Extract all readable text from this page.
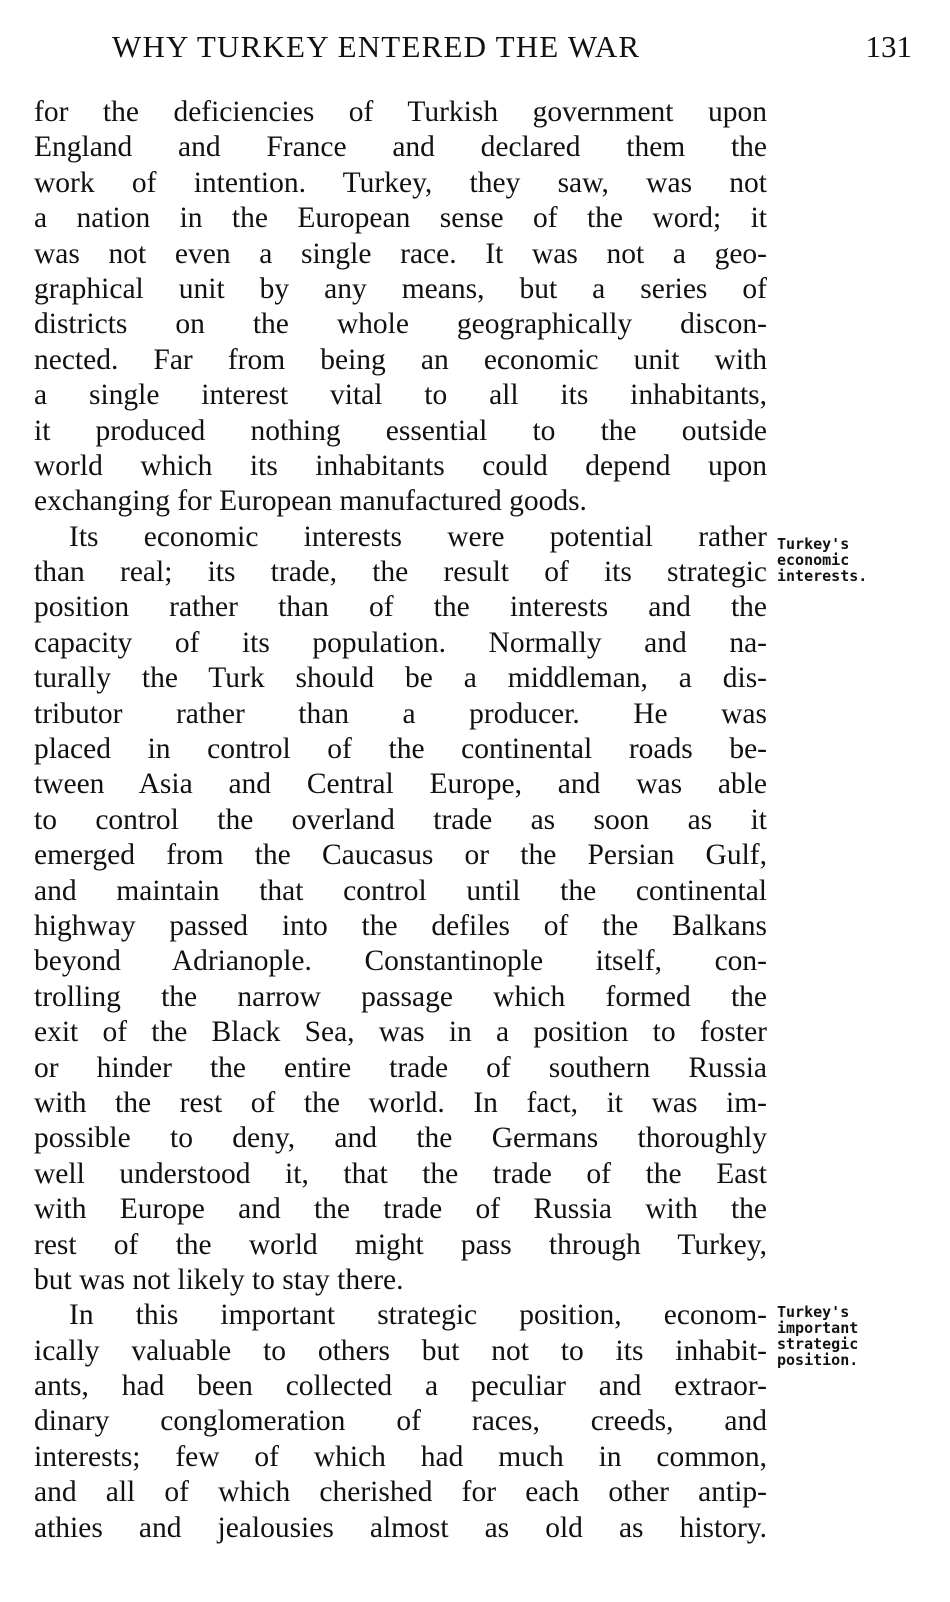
WHY TURKEY ENTERED THE WAR	131
for the deficiencies of Turkish government upon
England and France and declared them the
work of intention. Turkey, they saw, was not
a nation in the European sense of the word; it
was not even a single race. It was not a geo-
graphical unit by any means, but a series of
districts on the whole geographically discon-
nected. Far from being an economic unit with
a single interest vital to all its inhabitants,
it produced nothing essential to the outside
world which its inhabitants could depend upon
exchanging for European manufactured goods.
Its economic interests were potential rather
than real; its trade, the result of its strategic
position rather than of the interests and the
capacity of its population. Normally and na-
turally the Turk should be a middleman, a dis-
tributor rather than a producer. He was
placed in control of the continental roads be-
tween Asia and Central Europe, and was able
to control the overland trade as soon as it
emerged from the Caucasus or the Persian Gulf,
and maintain that control until the continental
highway passed into the defiles of the Balkans
beyond Adrianople. Constantinople itself, con-
trolling the narrow passage which formed the
exit of the Black Sea, was in a position to foster
or hinder the entire trade of southern Russia
with the rest of the world. In fact, it was im-
possible to deny, and the Germans thoroughly
well understood it, that the trade of the East
with Europe and the trade of Russia with the
rest of the world might pass through Turkey,
but was not likely to stay there.
In this important strategic position, econom-
ically valuable to others but not to its inhabit-
ants, had been collected a peculiar and extraor-
dinary conglomeration of races, creeds, and
interests; few of which had much in common,
and all of which cherished for each other antip-
athies and jealousies almost as old as history.
Turkey's
economic
interests.
Turkey's
important
strategic
position.
